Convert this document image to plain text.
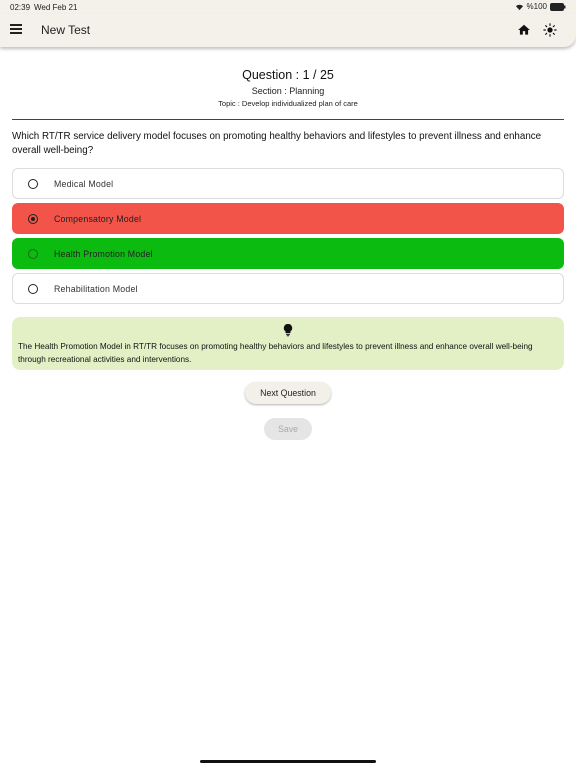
02:39 Wed Feb 21	%100
New Test
Question : 1 / 25
Section : Planning
Topic : Develop individualized plan of care
Which RT/TR service delivery model focuses on promoting healthy behaviors and lifestyles to prevent illness and enhance overall well-being?
Medical Model
Compensatory Model
Health Promotion Model
Rehabilitation Model
The Health Promotion Model in RT/TR focuses on promoting healthy behaviors and lifestyles to prevent illness and enhance overall well-being through recreational activities and interventions.
Next Question
Save
